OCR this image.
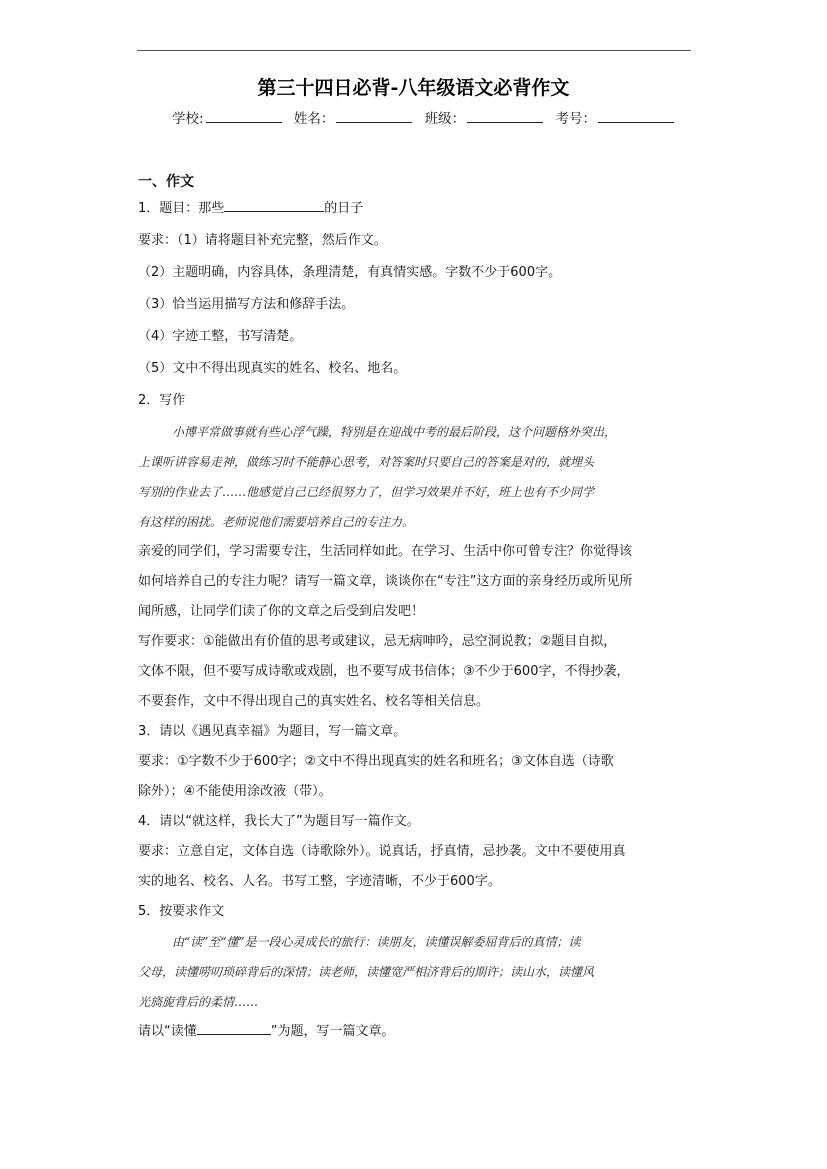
第三十四日必背-八年级语文必背作文
学校:	姓名：	班级：	考号：
一、作文
1．题目：那些	的日子
要求：（1）请将题目补充完整，然后作文。
（2）主题明确，内容具体，条理清楚，有真情实感。字数不少于600字。
（3）恰当运用描写方法和修辞手法。
（4）字迹工整，书写清楚。
（5）文中不得出现真实的姓名、校名、地名。
2．写作
小博平常做事就有些心浮气躁，特别是在迎战中考的最后阶段，这个问题格外突出，
上课听讲容易走神，做练习时不能静心思考，对答案时只要自己的答案是对的，就埋头
写别的作业去了……他感觉自己已经很努力了，但学习效果并不好，班上也有不少同学
有这样的困扰。老师说他们需要培养自己的专注力。
亲爱的同学们，学习需要专注，生活同样如此。在学习、生活中你可曾专注？你觉得该
如何培养自己的专注力呢？请写一篇文章，谈谈你在“专注”这方面的亲身经历或所见所
闻所感，让同学们读了你的文章之后受到启发吧！
写作要求：①能做出有价值的思考或建议，忌无病呻吟，忌空洞说教；②题目自拟，
文体不限，但不要写成诗歌或戏剧，也不要写成书信体；③不少于600字，不得抄袭，
不要套作，文中不得出现自己的真实姓名、校名等相关信息。
3．请以《遇见真幸福》为题目，写一篇文章。
要求：①字数不少于600字；②文中不得出现真实的姓名和班名；③文体自选（诗歌
除外）；④不能使用涂改液（带）。
4．请以“就这样，我长大了”为题目写一篇作文。
要求：立意自定，文体自选（诗歌除外）。说真话，抒真情，忌抄袭。文中不要使用真
实的地名、校名、人名。书写工整，字迹清晰，不少于600字。
5．按要求作文
由“读”至“懂”是一段心灵成长的旅行：读朋友，读懂误解委屈背后的真情；读
父母，读懂唠叨琐碎背后的深情；读老师，读懂宽严相济背后的期许；读山水，读懂风
光旖旎背后的柔情……
请以“读懂	”为题，写一篇文章。
